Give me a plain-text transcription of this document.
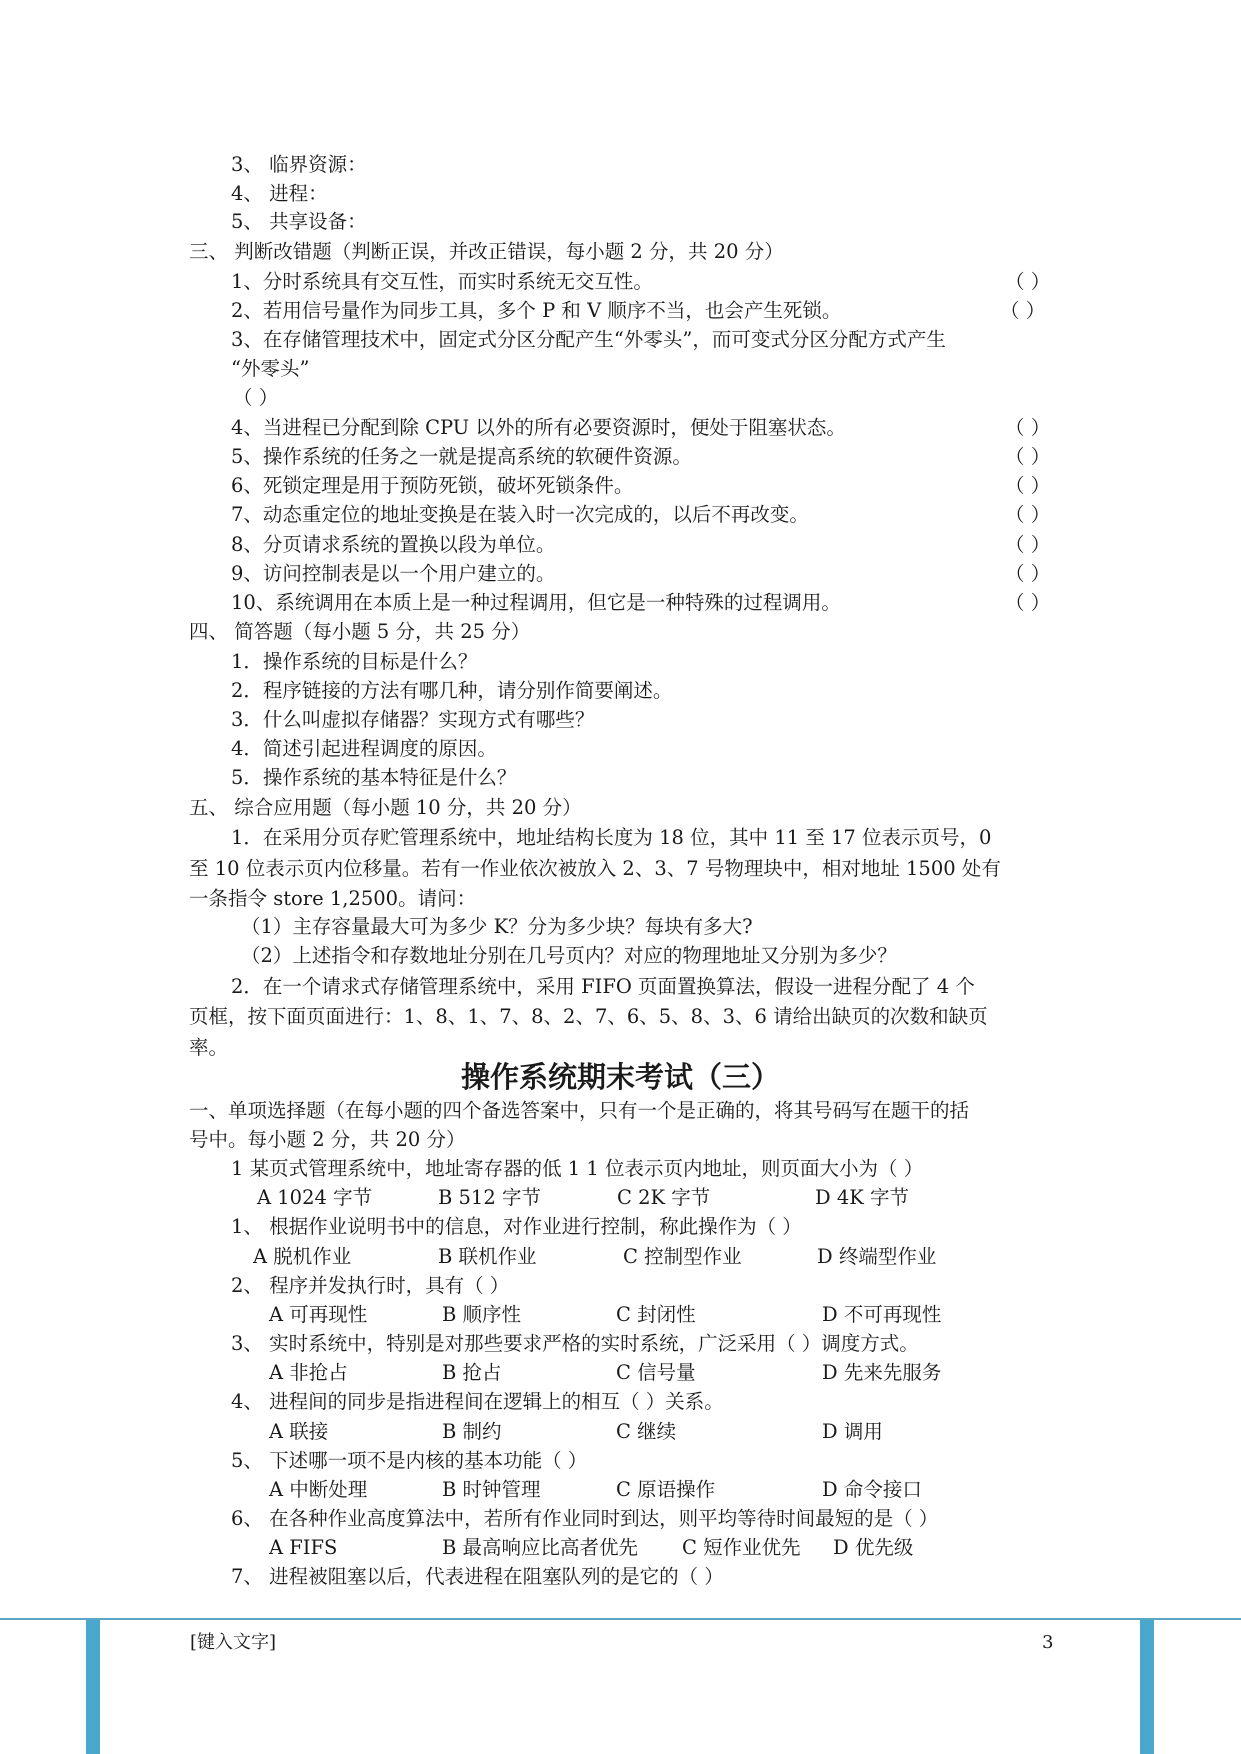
3、 临界资源：
4、 进程：
5、 共享设备：
三、 判断改错题（判断正误，并改正错误，每小题 2 分，共 20 分）
1、分时系统具有交互性，而实时系统无交互性。	（ ）
2、若用信号量作为同步工具，多个 P 和 V 顺序不当，也会产生死锁。	（ ）
3、在存储管理技术中，固定式分区分配产生“外零头”，而可变式分区分配方式产生
“外零头”
（ ）
4、当进程已分配到除 CPU 以外的所有必要资源时，便处于阻塞状态。	（ ）
5、操作系统的任务之一就是提高系统的软硬件资源。	（ ）
6、死锁定理是用于预防死锁，破坏死锁条件。	（ ）
7、动态重定位的地址变换是在装入时一次完成的，以后不再改变。	（ ）
8、分页请求系统的置换以段为单位。	（ ）
9、访问控制表是以一个用户建立的。	（ ）
10、系统调用在本质上是一种过程调用，但它是一种特殊的过程调用。	（ ）
四、 简答题（每小题 5 分，共 25 分）
1．操作系统的目标是什么？
2．程序链接的方法有哪几种，请分别作简要阐述。
3．什么叫虚拟存储器？实现方式有哪些？
4．简述引起进程调度的原因。
5．操作系统的基本特征是什么？
五、 综合应用题（每小题 10 分，共 20 分）
1．在采用分页存贮管理系统中，地址结构长度为 18 位，其中 11 至 17 位表示页号，0
至 10 位表示页内位移量。若有一作业依次被放入 2、3、7 号物理块中，相对地址 1500 处有
一条指令 store 1,2500。请问：
（1）主存容量最大可为多少 K？分为多少块？每块有多大?
（2）上述指令和存数地址分别在几号页内？对应的物理地址又分别为多少？
2．在一个请求式存储管理系统中，采用 FIFO 页面置换算法，假设一进程分配了 4 个
页框，按下面页面进行：1、8、1、7、8、2、7、6、5、8、3、6 请给出缺页的次数和缺页
率。
操作系统期末考试（三）
一、单项选择题（在每小题的四个备选答案中，只有一个是正确的，将其号码写在题干的括
号中。每小题 2 分，共 20 分）
1 某页式管理系统中，地址寄存器的低 1 1 位表示页内地址，则页面大小为（ ）
A 1024 字节	B 512 字节	C 2K 字节	D 4K 字节
1、 根据作业说明书中的信息，对作业进行控制，称此操作为（ ）
A 脱机作业	B 联机作业	C 控制型作业	D 终端型作业
2、 程序并发执行时，具有（ ）
A 可再现性	B 顺序性	C 封闭性	D 不可再现性
3、 实时系统中，特别是对那些要求严格的实时系统，广泛采用（ ）调度方式。
A 非抢占	B 抢占	C 信号量	D 先来先服务
4、 进程间的同步是指进程间在逻辑上的相互（ ）关系。
A 联接	B 制约	C 继续	D 调用
5、 下述哪一项不是内核的基本功能（ ）
A 中断处理	B 时钟管理	C 原语操作	D 命令接口
6、 在各种作业高度算法中，若所有作业同时到达，则平均等待时间最短的是（ ）
A FIFS	B 最高响应比高者优先 C 短作业优先 D 优先级
7、 进程被阻塞以后，代表进程在阻塞队列的是它的（ ）
[键入文字]	3
